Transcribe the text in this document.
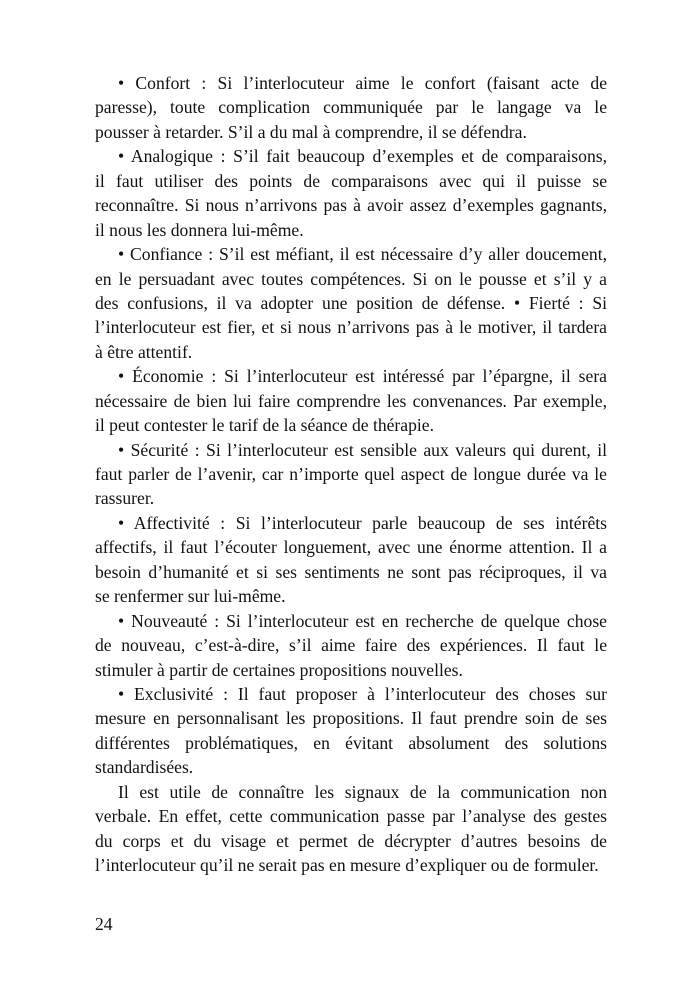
• Confort : Si l’interlocuteur aime le confort (faisant acte de
paresse), toute complication communiquée par le langage va le
pousser à retarder. S’il a du mal à comprendre, il se défendra.
• Analogique : S’il fait beaucoup d’exemples et de comparaisons,
il faut utiliser des points de comparaisons avec qui il puisse se
reconnaître. Si nous n’arrivons pas à avoir assez d’exemples gagnants,
il nous les donnera lui-même.
• Confiance : S’il est méfiant, il est nécessaire d’y aller doucement,
en le persuadant avec toutes compétences. Si on le pousse et s’il y a
des confusions, il va adopter une position de défense. • Fierté : Si
l’interlocuteur est fier, et si nous n’arrivons pas à le motiver, il tardera
à être attentif.
• Économie : Si l’interlocuteur est intéressé par l’épargne, il sera
nécessaire de bien lui faire comprendre les convenances. Par exemple,
il peut contester le tarif de la séance de thérapie.
• Sécurité : Si l’interlocuteur est sensible aux valeurs qui durent, il
faut parler de l’avenir, car n’importe quel aspect de longue durée va le
rassurer.
• Affectivité : Si l’interlocuteur parle beaucoup de ses intérêts
affectifs, il faut l’écouter longuement, avec une énorme attention. Il a
besoin d’humanité et si ses sentiments ne sont pas réciproques, il va
se renfermer sur lui-même.
• Nouveauté : Si l’interlocuteur est en recherche de quelque chose
de nouveau, c’est-à-dire, s’il aime faire des expériences. Il faut le
stimuler à partir de certaines propositions nouvelles.
• Exclusivité : Il faut proposer à l’interlocuteur des choses sur
mesure en personnalisant les propositions. Il faut prendre soin de ses
différentes problématiques, en évitant absolument des solutions
standardisées.
Il est utile de connaître les signaux de la communication non
verbale. En effet, cette communication passe par l’analyse des gestes
du corps et du visage et permet de décrypter d’autres besoins de
l’interlocuteur qu’il ne serait pas en mesure d’expliquer ou de formuler.
24
